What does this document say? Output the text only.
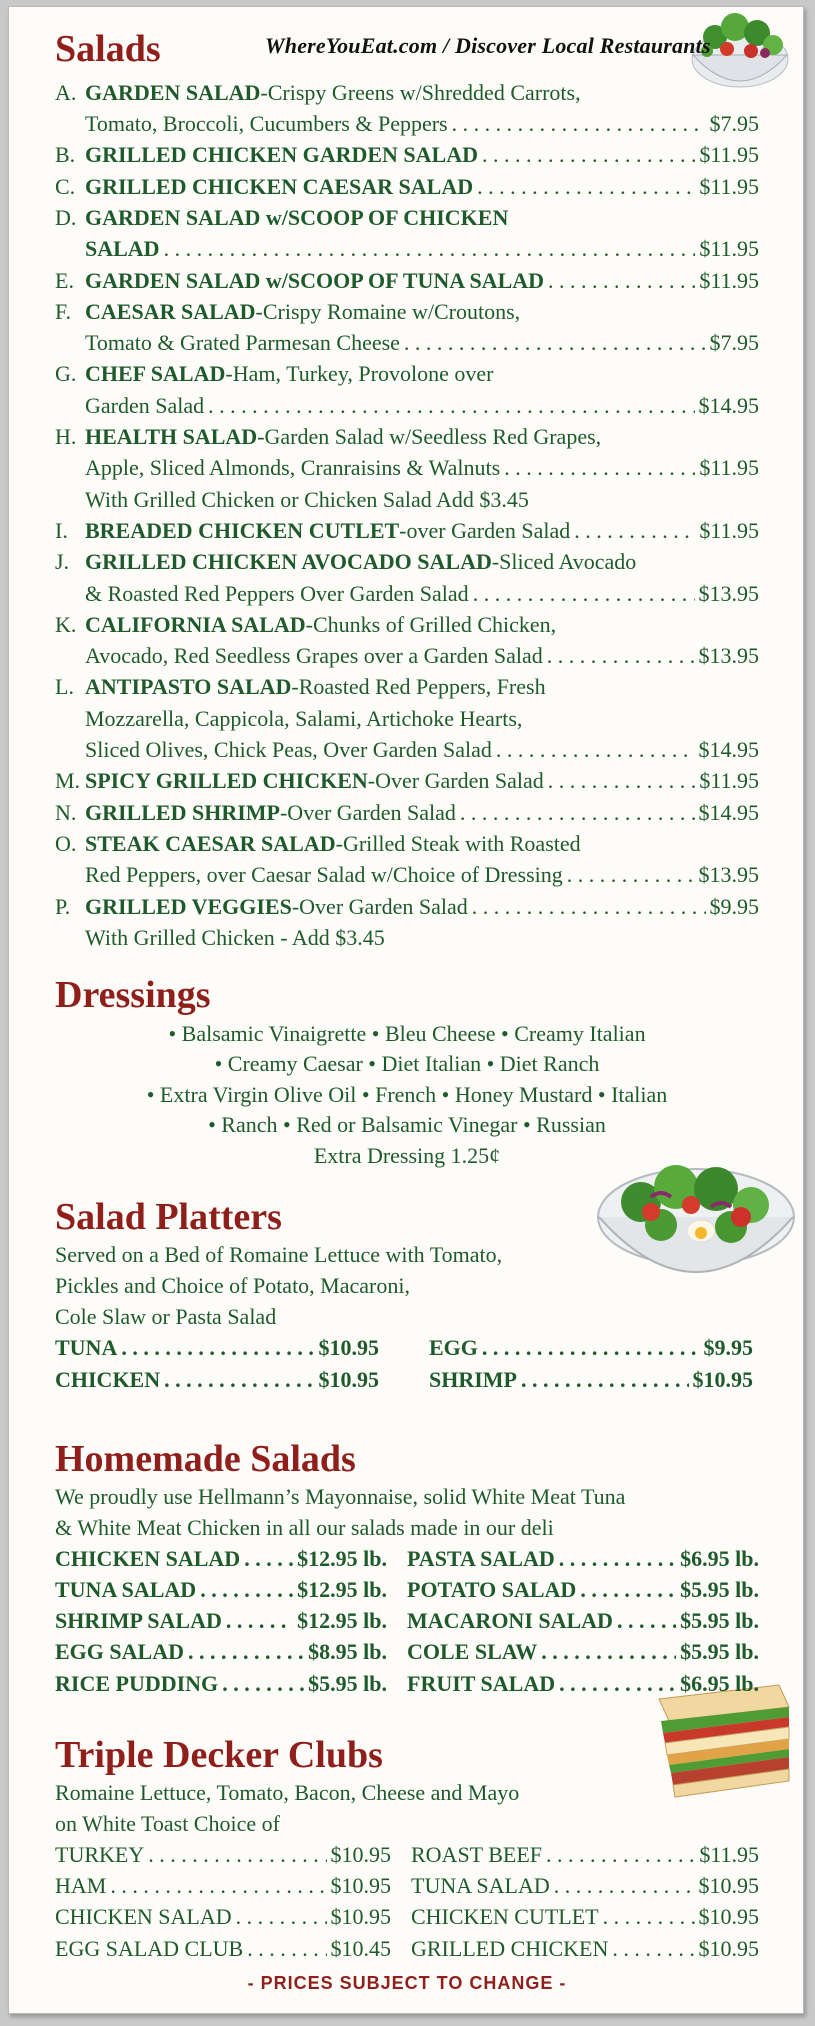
WhereYouEat.com / Discover Local Restaurants
Salads
A. GARDEN SALAD-Crispy Greens w/Shredded Carrots,
Tomato, Broccoli, Cucumbers & Peppers . . .	$7.95
B. GRILLED CHICKEN GARDEN SALAD . . .	$11.95
C. GRILLED CHICKEN CAESAR SALAD . . .	$11.95
D. GARDEN SALAD w/SCOOP OF CHICKEN
SALAD . . .	$11.95
E. GARDEN SALAD w/SCOOP OF TUNA SALAD . . .	$11.95
F. CAESAR SALAD-Crispy Romaine w/Croutons,
Tomato & Grated Parmesan Cheese . . .	$7.95
G. CHEF SALAD-Ham, Turkey, Provolone over
Garden Salad . . .	$14.95
H. HEALTH SALAD-Garden Salad w/Seedless Red Grapes,
Apple, Sliced Almonds, Cranraisins & Walnuts . . .	$11.95
With Grilled Chicken or Chicken Salad Add $3.45
I. BREADED CHICKEN CUTLET -over Garden Salad . . .	$11.95
J. GRILLED CHICKEN AVOCADO SALAD-Sliced Avocado
& Roasted Red Peppers Over Garden Salad . . .	$13.95
K. CALIFORNIA SALAD-Chunks of Grilled Chicken,
Avocado, Red Seedless Grapes over a Garden Salad . . .	$13.95
L. ANTIPASTO SALAD-Roasted Red Peppers, Fresh
Mozzarella, Cappicola, Salami, Artichoke Hearts,
Sliced Olives, Chick Peas, Over Garden Salad . . .	$14.95
M. SPICY GRILLED CHICKEN -Over Garden Salad . . .	$11.95
N. GRILLED SHRIMP -Over Garden Salad . . .	$14.95
O. STEAK CAESAR SALAD-Grilled Steak with Roasted
Red Peppers, over Caesar Salad w/Choice of Dressing . . .	$13.95
P. GRILLED VEGGIES -Over Garden Salad . . .	$9.95
With Grilled Chicken - Add $3.45
Dressings
• Balsamic Vinaigrette • Bleu Cheese • Creamy Italian
• Creamy Caesar • Diet Italian • Diet Ranch
• Extra Virgin Olive Oil • French • Honey Mustard • Italian
• Ranch • Red or Balsamic Vinegar • Russian
Extra Dressing 1.25¢
Salad Platters
Served on a Bed of Romaine Lettuce with Tomato,
Pickles and Choice of Potato, Macaroni,
Cole Slaw or Pasta Salad
TUNA . . .	$10.95 EGG . . .	$9.95
CHICKEN . . .	$10.95 SHRIMP . . .	$10.95
Homemade Salads
We proudly use Hellmann’s Mayonnaise, solid White Meat Tuna
& White Meat Chicken in all our salads made in our deli
CHICKEN SALAD . . .	$12.95 lb. PASTA SALAD . . .	$6.95 lb.
TUNA SALAD . . .	$12.95 lb. POTATO SALAD . . .	$5.95 lb.
SHRIMP SALAD . . .	$12.95 lb. MACARONI SALAD . . .	$5.95 lb.
EGG SALAD . . .	$8.95 lb. COLE SLAW . . .	$5.95 lb.
RICE PUDDING . . .	$5.95 lb. FRUIT SALAD . . .	$6.95 lb.
Triple Decker Clubs
Romaine Lettuce, Tomato, Bacon, Cheese and Mayo
on White Toast Choice of
TURKEY . . .	$10.95 ROAST BEEF . . .	$11.95
HAM . . .	$10.95 TUNA SALAD . . .	$10.95
CHICKEN SALAD . . .	$10.95 CHICKEN CUTLET . . .	$10.95
EGG SALAD CLUB . . .	$10.45 GRILLED CHICKEN . . .	$10.95
- PRICES SUBJECT TO CHANGE -
